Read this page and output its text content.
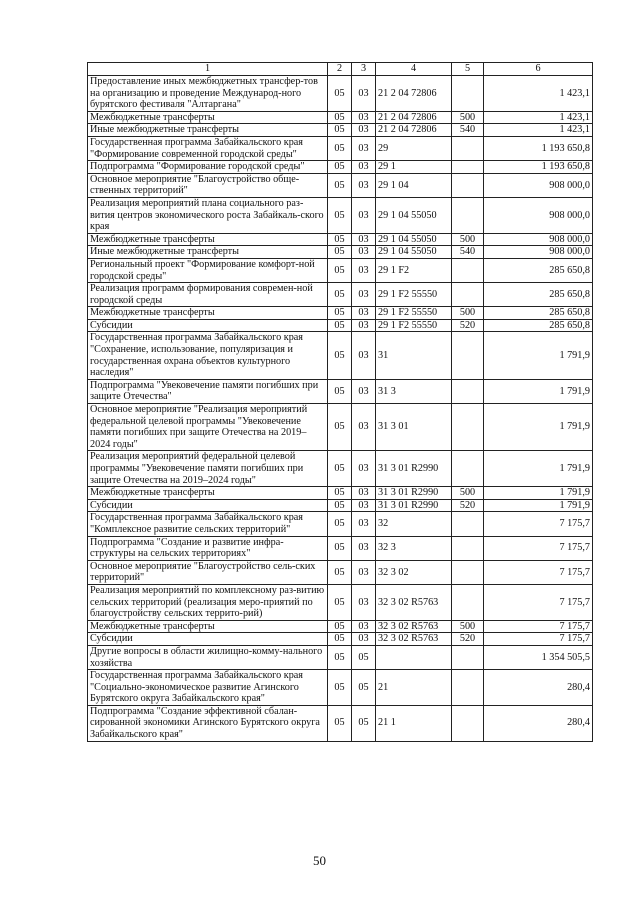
1	2	3	4	5	6
Предоставление иных межбюджетных трансфер-тов на организацию и проведение Международ-ного бурятского фестиваля "Алтаргана"	05	03	21 2 04 72806		1 423,1
Межбюджетные трансферты	05	03	21 2 04 72806	500	1 423,1
Иные межбюджетные трансферты	05	03	21 2 04 72806	540	1 423,1
Государственная программа Забайкальского края "Формирование современной городской среды"	05	03	29		1 193 650,8
Подпрограмма "Формирование городской среды"	05	03	29 1		1 193 650,8
Основное мероприятие "Благоустройство обще-ственных территорий"	05	03	29 1 04		908 000,0
Реализация мероприятий плана социального раз-вития центров экономического роста Забайкаль-ского края	05	03	29 1 04 55050		908 000,0
Межбюджетные трансферты	05	03	29 1 04 55050	500	908 000,0
Иные межбюджетные трансферты	05	03	29 1 04 55050	540	908 000,0
Региональный проект "Формирование комфорт-ной городской среды"	05	03	29 1 F2		285 650,8
Реализация программ формирования современ-ной городской среды	05	03	29 1 F2 55550		285 650,8
Межбюджетные трансферты	05	03	29 1 F2 55550	500	285 650,8
Субсидии	05	03	29 1 F2 55550	520	285 650,8
Государственная программа Забайкальского края "Сохранение, использование, популяризация и государственная охрана объектов культурного наследия"	05	03	31		1 791,9
Подпрограмма "Увековечение памяти погибших при защите Отечества"	05	03	31 3		1 791,9
Основное мероприятие "Реализация мероприятий федеральной целевой программы "Увековечение памяти погибших при защите Отечества на 2019–2024 годы"	05	03	31 3 01		1 791,9
Реализация мероприятий федеральной целевой программы "Увековечение памяти погибших при защите Отечества на 2019–2024 годы"	05	03	31 3 01 R2990		1 791,9
Межбюджетные трансферты	05	03	31 3 01 R2990	500	1 791,9
Субсидии	05	03	31 3 01 R2990	520	1 791,9
Государственная программа Забайкальского края "Комплексное развитие сельских территорий"	05	03	32		7 175,7
Подпрограмма "Создание и развитие инфра-структуры на сельских территориях"	05	03	32 3		7 175,7
Основное мероприятие "Благоустройство сель-ских территорий"	05	03	32 3 02		7 175,7
Реализация мероприятий по комплексному раз-витию сельских территорий (реализация меро-приятий по благоустройству сельских террито-рий)	05	03	32 3 02 R5763		7 175,7
Межбюджетные трансферты	05	03	32 3 02 R5763	500	7 175,7
Субсидии	05	03	32 3 02 R5763	520	7 175,7
Другие вопросы в области жилищно-комму-нального хозяйства	05	05			1 354 505,5
Государственная программа Забайкальского края "Социально-экономическое развитие Агинского Бурятского округа Забайкальского края"	05	05	21		280,4
Подпрограмма "Создание эффективной сбалан-сированной экономики Агинского Бурятского округа Забайкальского края"	05	05	21 1		280,4
50
